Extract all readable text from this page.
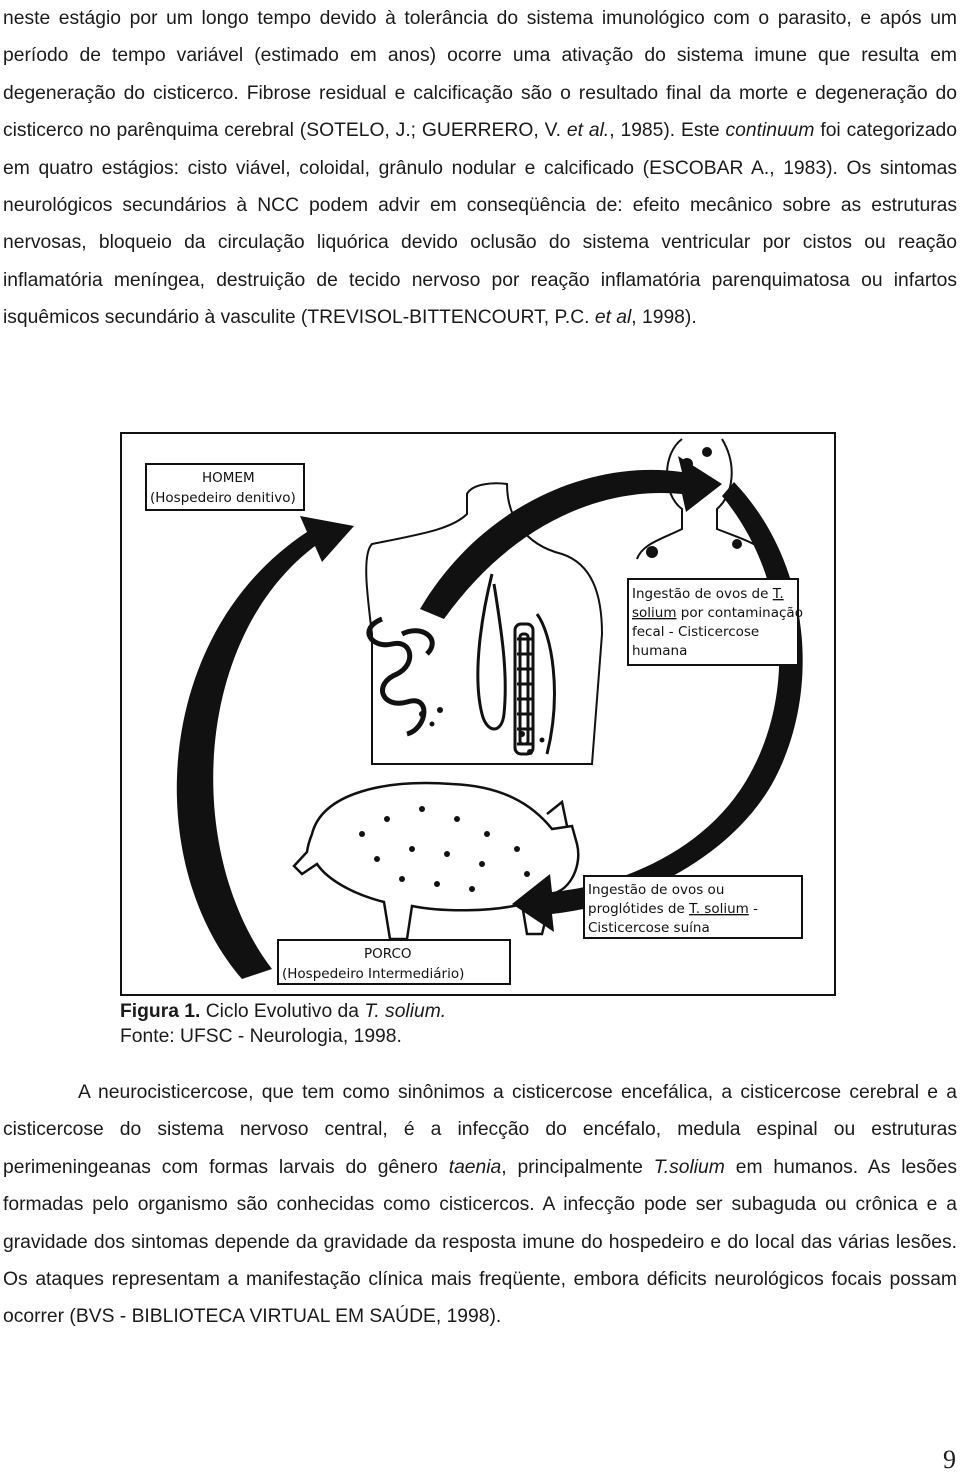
neste estágio por um longo tempo devido à tolerância do sistema imunológico com o parasito, e após um período de tempo variável (estimado em anos) ocorre uma ativação do sistema imune que resulta em degeneração do cisticerco. Fibrose residual e calcificação são o resultado final da morte e degeneração do cisticerco no parênquima cerebral (SOTELO, J.; GUERRERO, V. et al., 1985). Este continuum foi categorizado em quatro estágios: cisto viável, coloidal, grânulo nodular e calcificado (ESCOBAR A., 1983). Os sintomas neurológicos secundários à NCC podem advir em conseqüência de: efeito mecânico sobre as estruturas nervosas, bloqueio da circulação liquórica devido oclusão do sistema ventricular por cistos ou reação inflamatória meníngea, destruição de tecido nervoso por reação inflamatória parenquimatosa ou infartos isquêmicos secundário à vasculite (TREVISOL-BITTENCOURT, P.C. et al, 1998).

HOMEM
(Hospedeiro denitivo)
Ingestão de ovos de T.
solium por contaminação
fecal - Cisticercose
humana
Ingestão de ovos ou
proglótides de T. solium -
Cisticercose suína
PORCO
(Hospedeiro Intermediário)

Figura 1. Ciclo Evolutivo da T. solium.

Fonte: UFSC - Neurologia, 1998.

A neurocisticercose, que tem como sinônimos a cisticercose encefálica, a cisticercose cerebral e a cisticercose do sistema nervoso central, é a infecção do encéfalo, medula espinal ou estruturas perimeningeanas com formas larvais do gênero taenia, principalmente T.solium em humanos. As lesões formadas pelo organismo são conhecidas como cisticercos. A infecção pode ser subaguda ou crônica e a gravidade dos sintomas depende da gravidade da resposta imune do hospedeiro e do local das várias lesões. Os ataques representam a manifestação clínica mais freqüente, embora déficits neurológicos focais possam ocorrer (BVS - BIBLIOTECA VIRTUAL EM SAÚDE, 1998).

9
